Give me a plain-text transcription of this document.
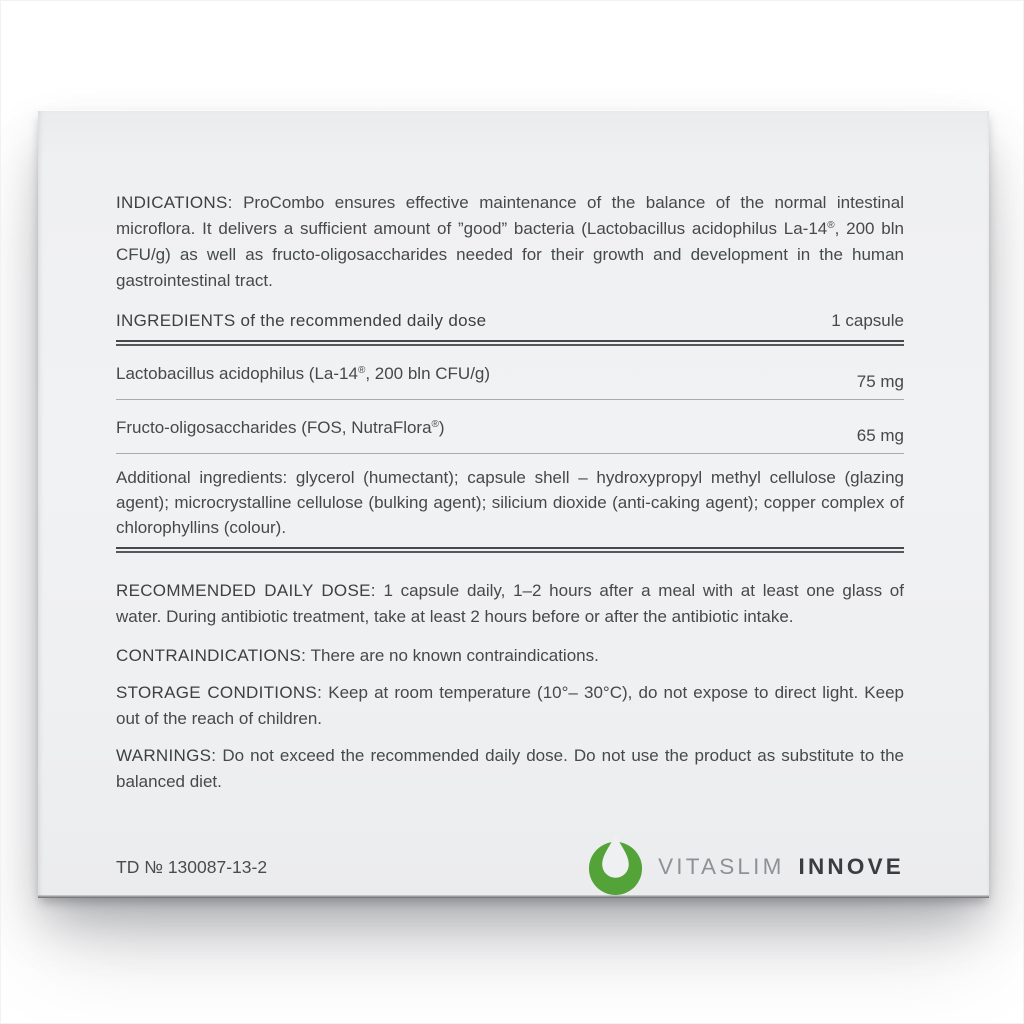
INDICATIONS: ProCombo ensures effective maintenance of the balance of the normal intestinal microflora. It delivers a sufficient amount of ”good” bacteria (Lactobacillus acidophilus La-14®, 200 bln CFU/g) as well as fructo-oligosaccharides needed for their growth and development in the human gastrointestinal tract.

INGREDIENTS of the recommended daily dose	1 capsule
Lactobacillus acidophilus (La-14®, 200 bln CFU/g)	75 mg
Fructo-oligosaccharides (FOS, NutraFlora®)	65 mg

Additional ingredients: glycerol (humectant); capsule shell – hydroxypropyl methyl cellulose (glazing agent); microcrystalline cellulose (bulking agent); silicium dioxide (anti-caking agent); copper complex of chlorophyllins (colour).

RECOMMENDED DAILY DOSE: 1 capsule daily, 1–2 hours after a meal with at least one glass of water. During antibiotic treatment, take at least 2 hours before or after the antibiotic intake.

CONTRAINDICATIONS: There are no known contraindications.

STORAGE CONDITIONS: Keep at room temperature (10°– 30°C), do not expose to direct light. Keep out of the reach of children.

WARNINGS: Do not exceed the recommended daily dose. Do not use the product as substitute to the balanced diet.

TD № 130087-13-2	VITASLIM INNOVE
